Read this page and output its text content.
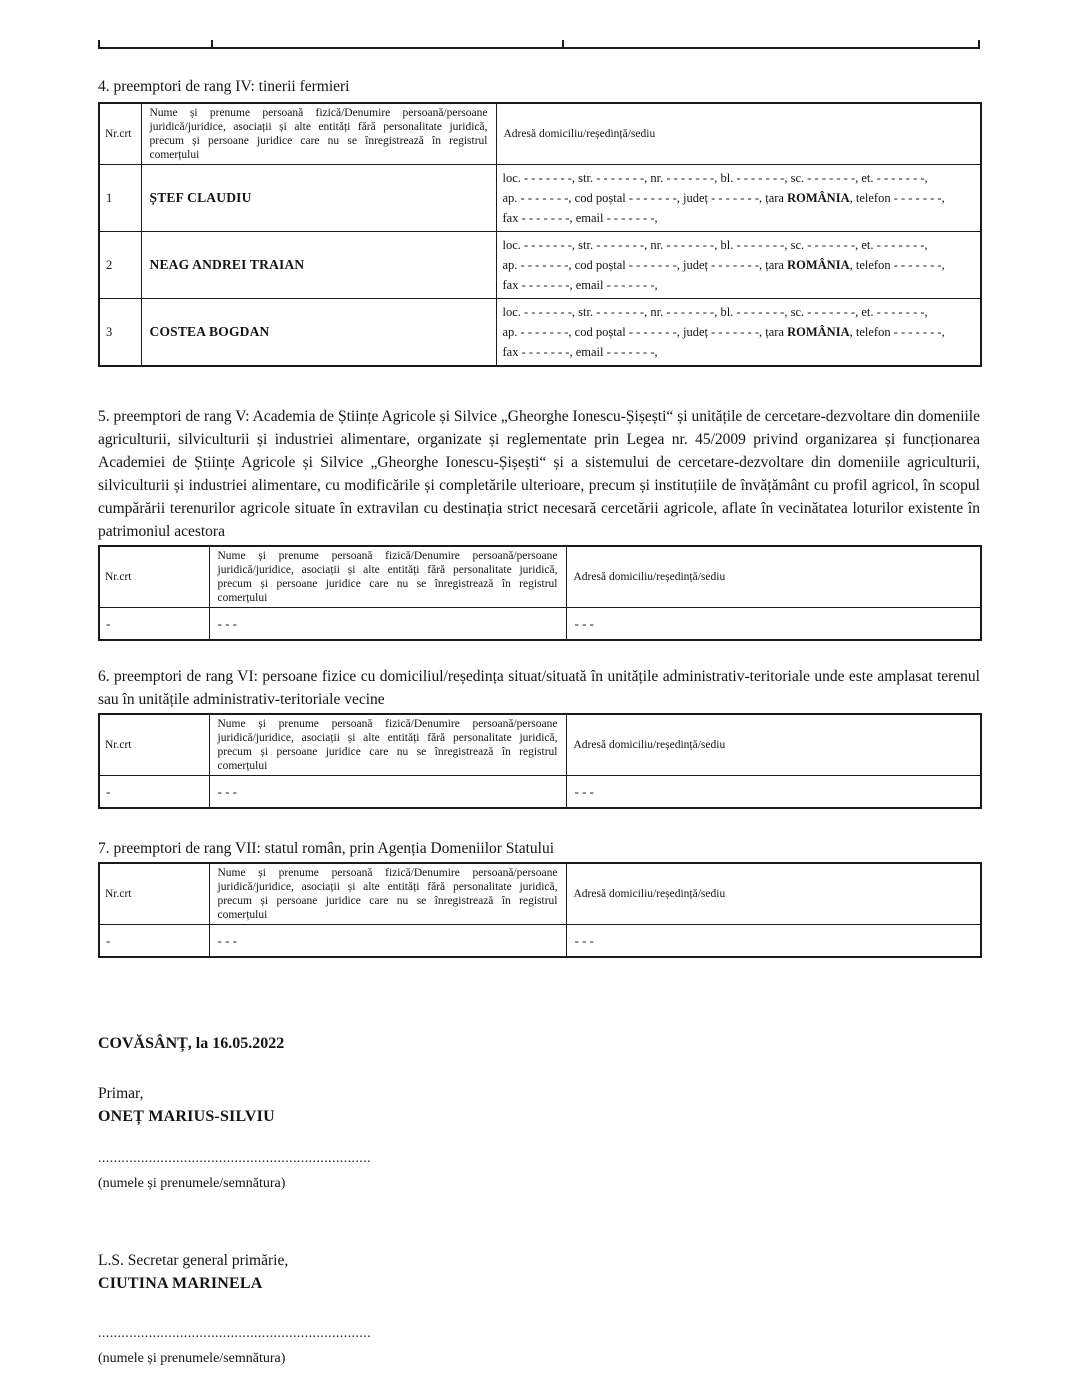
4. preemptori de rang IV: tinerii fermieri
Nr.crt	Nume și prenume persoană fizică/Denumire persoană/persoane juridică/juridice, asociații și alte entități fără personalitate juridică, precum și persoane juridice care nu se înregistrează în registrul comerțului	Adresă domiciliu/reședință/sediu
1	ȘTEF CLAUDIU	loc. - - - - - - -, str. - - - - - - -, nr. - - - - - - -, bl. - - - - - - -, sc. - - - - - - -, et. - - - - - - -,
ap. - - - - - - -, cod poștal - - - - - - -, județ - - - - - - -, țara ROMÂNIA, telefon - - - - - - -,
fax - - - - - - -, email - - - - - - -,

2	NEAG ANDREI TRAIAN	loc. - - - - - - -, str. - - - - - - -, nr. - - - - - - -, bl. - - - - - - -, sc. - - - - - - -, et. - - - - - - -,
ap. - - - - - - -, cod poștal - - - - - - -, județ - - - - - - -, țara ROMÂNIA, telefon - - - - - - -,
fax - - - - - - -, email - - - - - - -,

3	COSTEA BOGDAN	loc. - - - - - - -, str. - - - - - - -, nr. - - - - - - -, bl. - - - - - - -, sc. - - - - - - -, et. - - - - - - -,
ap. - - - - - - -, cod poștal - - - - - - -, județ - - - - - - -, țara ROMÂNIA, telefon - - - - - - -,
fax - - - - - - -, email - - - - - - -,
5. preemptori de rang V: Academia de Științe Agricole și Silvice „Gheorghe Ionescu-Șișești“ și unitățile de cercetare-dezvoltare din domeniile agriculturii, silviculturii și industriei alimentare, organizate și reglementate prin Legea nr. 45/2009 privind organizarea și funcționarea Academiei de Științe Agricole și Silvice „Gheorghe Ionescu-Șișești“ și a sistemului de cercetare-dezvoltare din domeniile agriculturii, silviculturii și industriei alimentare, cu modificările și completările ulterioare, precum și instituțiile de învățământ cu profil agricol, în scopul cumpărării terenurilor agricole situate în extravilan cu destinația strict necesară cercetării agricole, aflate în vecinătatea loturilor existente în patrimoniul acestora
Nr.crt	Nume și prenume persoană fizică/Denumire persoană/persoane juridică/juridice, asociații și alte entități fără personalitate juridică, precum și persoane juridice care nu se înregistrează în registrul comerțului	Adresă domiciliu/reședință/sediu
-	- - -	- - -
6. preemptori de rang VI: persoane fizice cu domiciliul/reședința situat/situată în unitățile administrativ-teritoriale unde este amplasat terenul sau în unitățile administrativ-teritoriale vecine
Nr.crt	Nume și prenume persoană fizică/Denumire persoană/persoane juridică/juridice, asociații și alte entități fără personalitate juridică, precum și persoane juridice care nu se înregistrează în registrul comerțului	Adresă domiciliu/reședință/sediu
-	- - -	- - -
7. preemptori de rang VII: statul român, prin Agenția Domeniilor Statului
Nr.crt	Nume și prenume persoană fizică/Denumire persoană/persoane juridică/juridice, asociații și alte entități fără personalitate juridică, precum și persoane juridice care nu se înregistrează în registrul comerțului	Adresă domiciliu/reședință/sediu
-	- - -	- - -
COVĂSÂNȚ, la 16.05.2022
Primar,
ONEȚ MARIUS-SILVIU
......................................................................
(numele și prenumele/semnătura)
L.S. Secretar general primărie,
CIUTINA MARINELA
......................................................................
(numele și prenumele/semnătura)
